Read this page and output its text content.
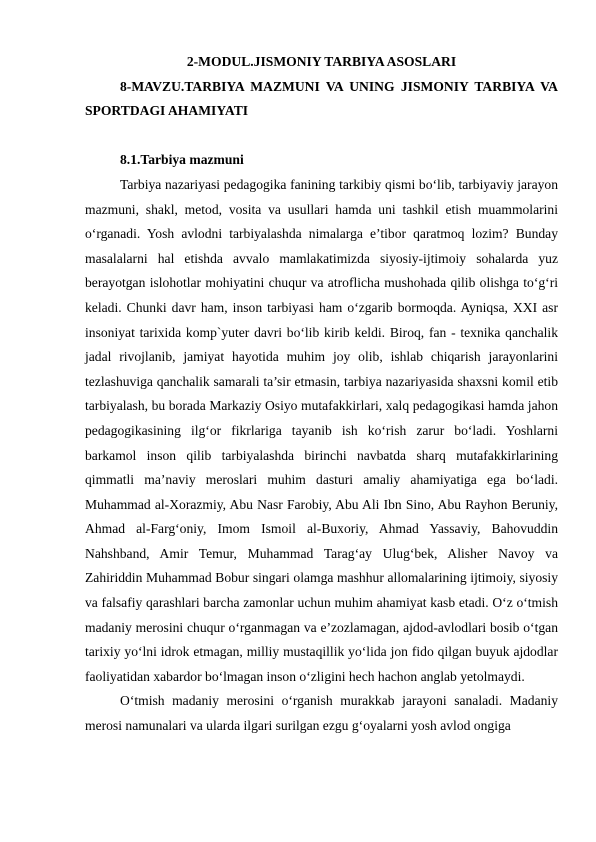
2-MODUL.JISMONIY TARBIYA ASOSLARI

8-MAVZU.TARBIYA MAZMUNI VA UNING JISMONIY TARBIYA VA SPORTDAGI AHAMIYATI

8.1.Tarbiya mazmuni

Tarbiya nazariyasi pedagogika fanining tarkibiy qismi bo‘lib, tarbiyaviy jarayon mazmuni, shakl, metod, vosita va usullari hamda uni tashkil etish muammolarini o‘rganadi. Yosh avlodni tarbiyalashda nimalarga e’tibor qaratmoq lozim? Bunday masalalarni hal etishda avvalo mamlakatimizda siyosiy-ijtimoiy sohalarda yuz berayotgan islohotlar mohiyatini chuqur va atroflicha mushohada qilib olishga to‘g‘ri keladi. Chunki davr ham, inson tarbiyasi ham o‘zgarib bormoqda. Ayniqsa, XXI asr insoniyat tarixida komp`yuter davri bo‘lib kirib keldi. Biroq, fan - texnika qanchalik jadal rivojlanib, jamiyat hayotida muhim joy olib, ishlab chiqarish jarayonlarini tezlashuviga qanchalik samarali ta’sir etmasin, tarbiya nazariyasida shaxsni komil etib tarbiyalash, bu borada Markaziy Osiyo mutafakkirlari, xalq pedagogikasi hamda jahon pedagogikasining ilg‘or fikrlariga tayanib ish ko‘rish zarur bo‘ladi. Yoshlarni barkamol inson qilib tarbiyalashda birinchi navbatda sharq mutafakkirlarining qimmatli ma’naviy meroslari muhim dasturi amaliy ahamiyatiga ega bo‘ladi. Muhammad al-Xorazmiy, Abu Nasr Farobiy, Abu Ali Ibn Sino, Abu Rayhon Beruniy, Ahmad al-Farg‘oniy, Imom Ismoil al-Buxoriy, Ahmad Yassaviy, Bahovuddin Nahshband, Amir Temur, Muhammad Tarag‘ay Ulug‘bek, Alisher Navoy va Zahiriddin Muhammad Bobur singari olamga mashhur allomalarining ijtimoiy, siyosiy va falsafiy qarashlari barcha zamonlar uchun muhim ahamiyat kasb etadi. O‘z o‘tmish madaniy merosini chuqur o‘rganmagan va e’zozlamagan, ajdod-avlodlari bosib o‘tgan tarixiy yo‘lni idrok etmagan, milliy mustaqillik yo‘lida jon fido qilgan buyuk ajdodlar faoliyatidan xabardor bo‘lmagan inson o‘zligini hech hachon anglab yetolmaydi.

O‘tmish madaniy merosini o‘rganish murakkab jarayoni sanaladi. Madaniy merosi namunalari va ularda ilgari surilgan ezgu g‘oyalarni yosh avlod ongiga
